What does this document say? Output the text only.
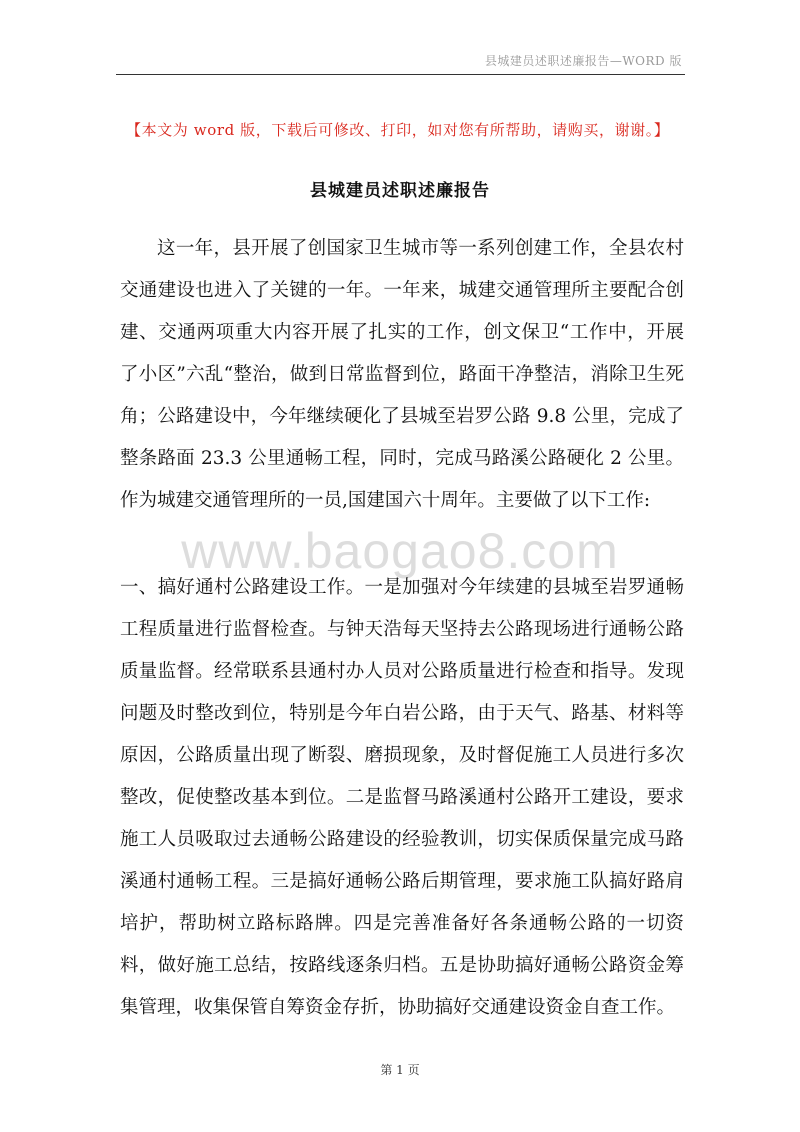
县城建员述职述廉报告—WORD 版
【本文为 word 版，下载后可修改、打印，如对您有所帮助，请购买，谢谢。】
县城建员述职述廉报告

这一年，县开展了创国家卫生城市等一系列创建工作，全县农村交通建设也进入了关键的一年。一年来，城建交通管理所主要配合创建、交通两项重大内容开展了扎实的工作，创文保卫“工作中，开展了小区”六乱“整治，做到日常监督到位，路面干净整洁，消除卫生死角；公路建设中，今年继续硬化了县城至岩罗公路 9.8 公里，完成了整条路面 23.3 公里通畅工程，同时，完成马路溪公路硬化 2 公里。作为城建交通管理所的一员,国建国六十周年。主要做了以下工作:

www.baogao8.com

一、搞好通村公路建设工作。一是加强对今年续建的县城至岩罗通畅工程质量进行监督检查。与钟天浩每天坚持去公路现场进行通畅公路质量监督。经常联系县通村办人员对公路质量进行检查和指导。发现问题及时整改到位，特别是今年白岩公路，由于天气、路基、材料等原因，公路质量出现了断裂、磨损现象，及时督促施工人员进行多次整改，促使整改基本到位。二是监督马路溪通村公路开工建设，要求施工人员吸取过去通畅公路建设的经验教训，切实保质保量完成马路溪通村通畅工程。三是搞好通畅公路后期管理，要求施工队搞好路肩培护，帮助树立路标路牌。四是完善准备好各条通畅公路的一切资料，做好施工总结，按路线逐条归档。五是协助搞好通畅公路资金筹集管理，收集保管自筹资金存折，协助搞好交通建设资金自查工作。

第 1 页
